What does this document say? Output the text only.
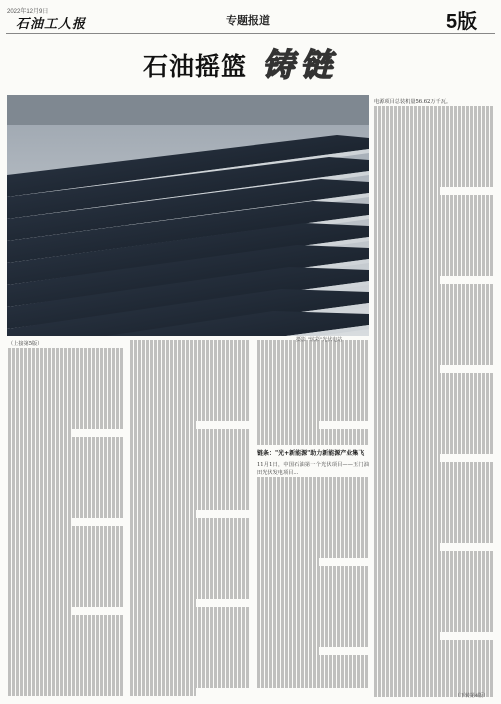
2022年12月9日
石油工人报	专题报道	5版
石油摇篮 铸链
摄影 "炫彩"光伏电站
（上接第5版）
链条："光+新能源"助力新能源产业集飞
11月1日，中国石油第一个光伏项目——玉门油田光伏发电项目...
电源项目总装机量56.62万千瓦。
（下转第4版）
